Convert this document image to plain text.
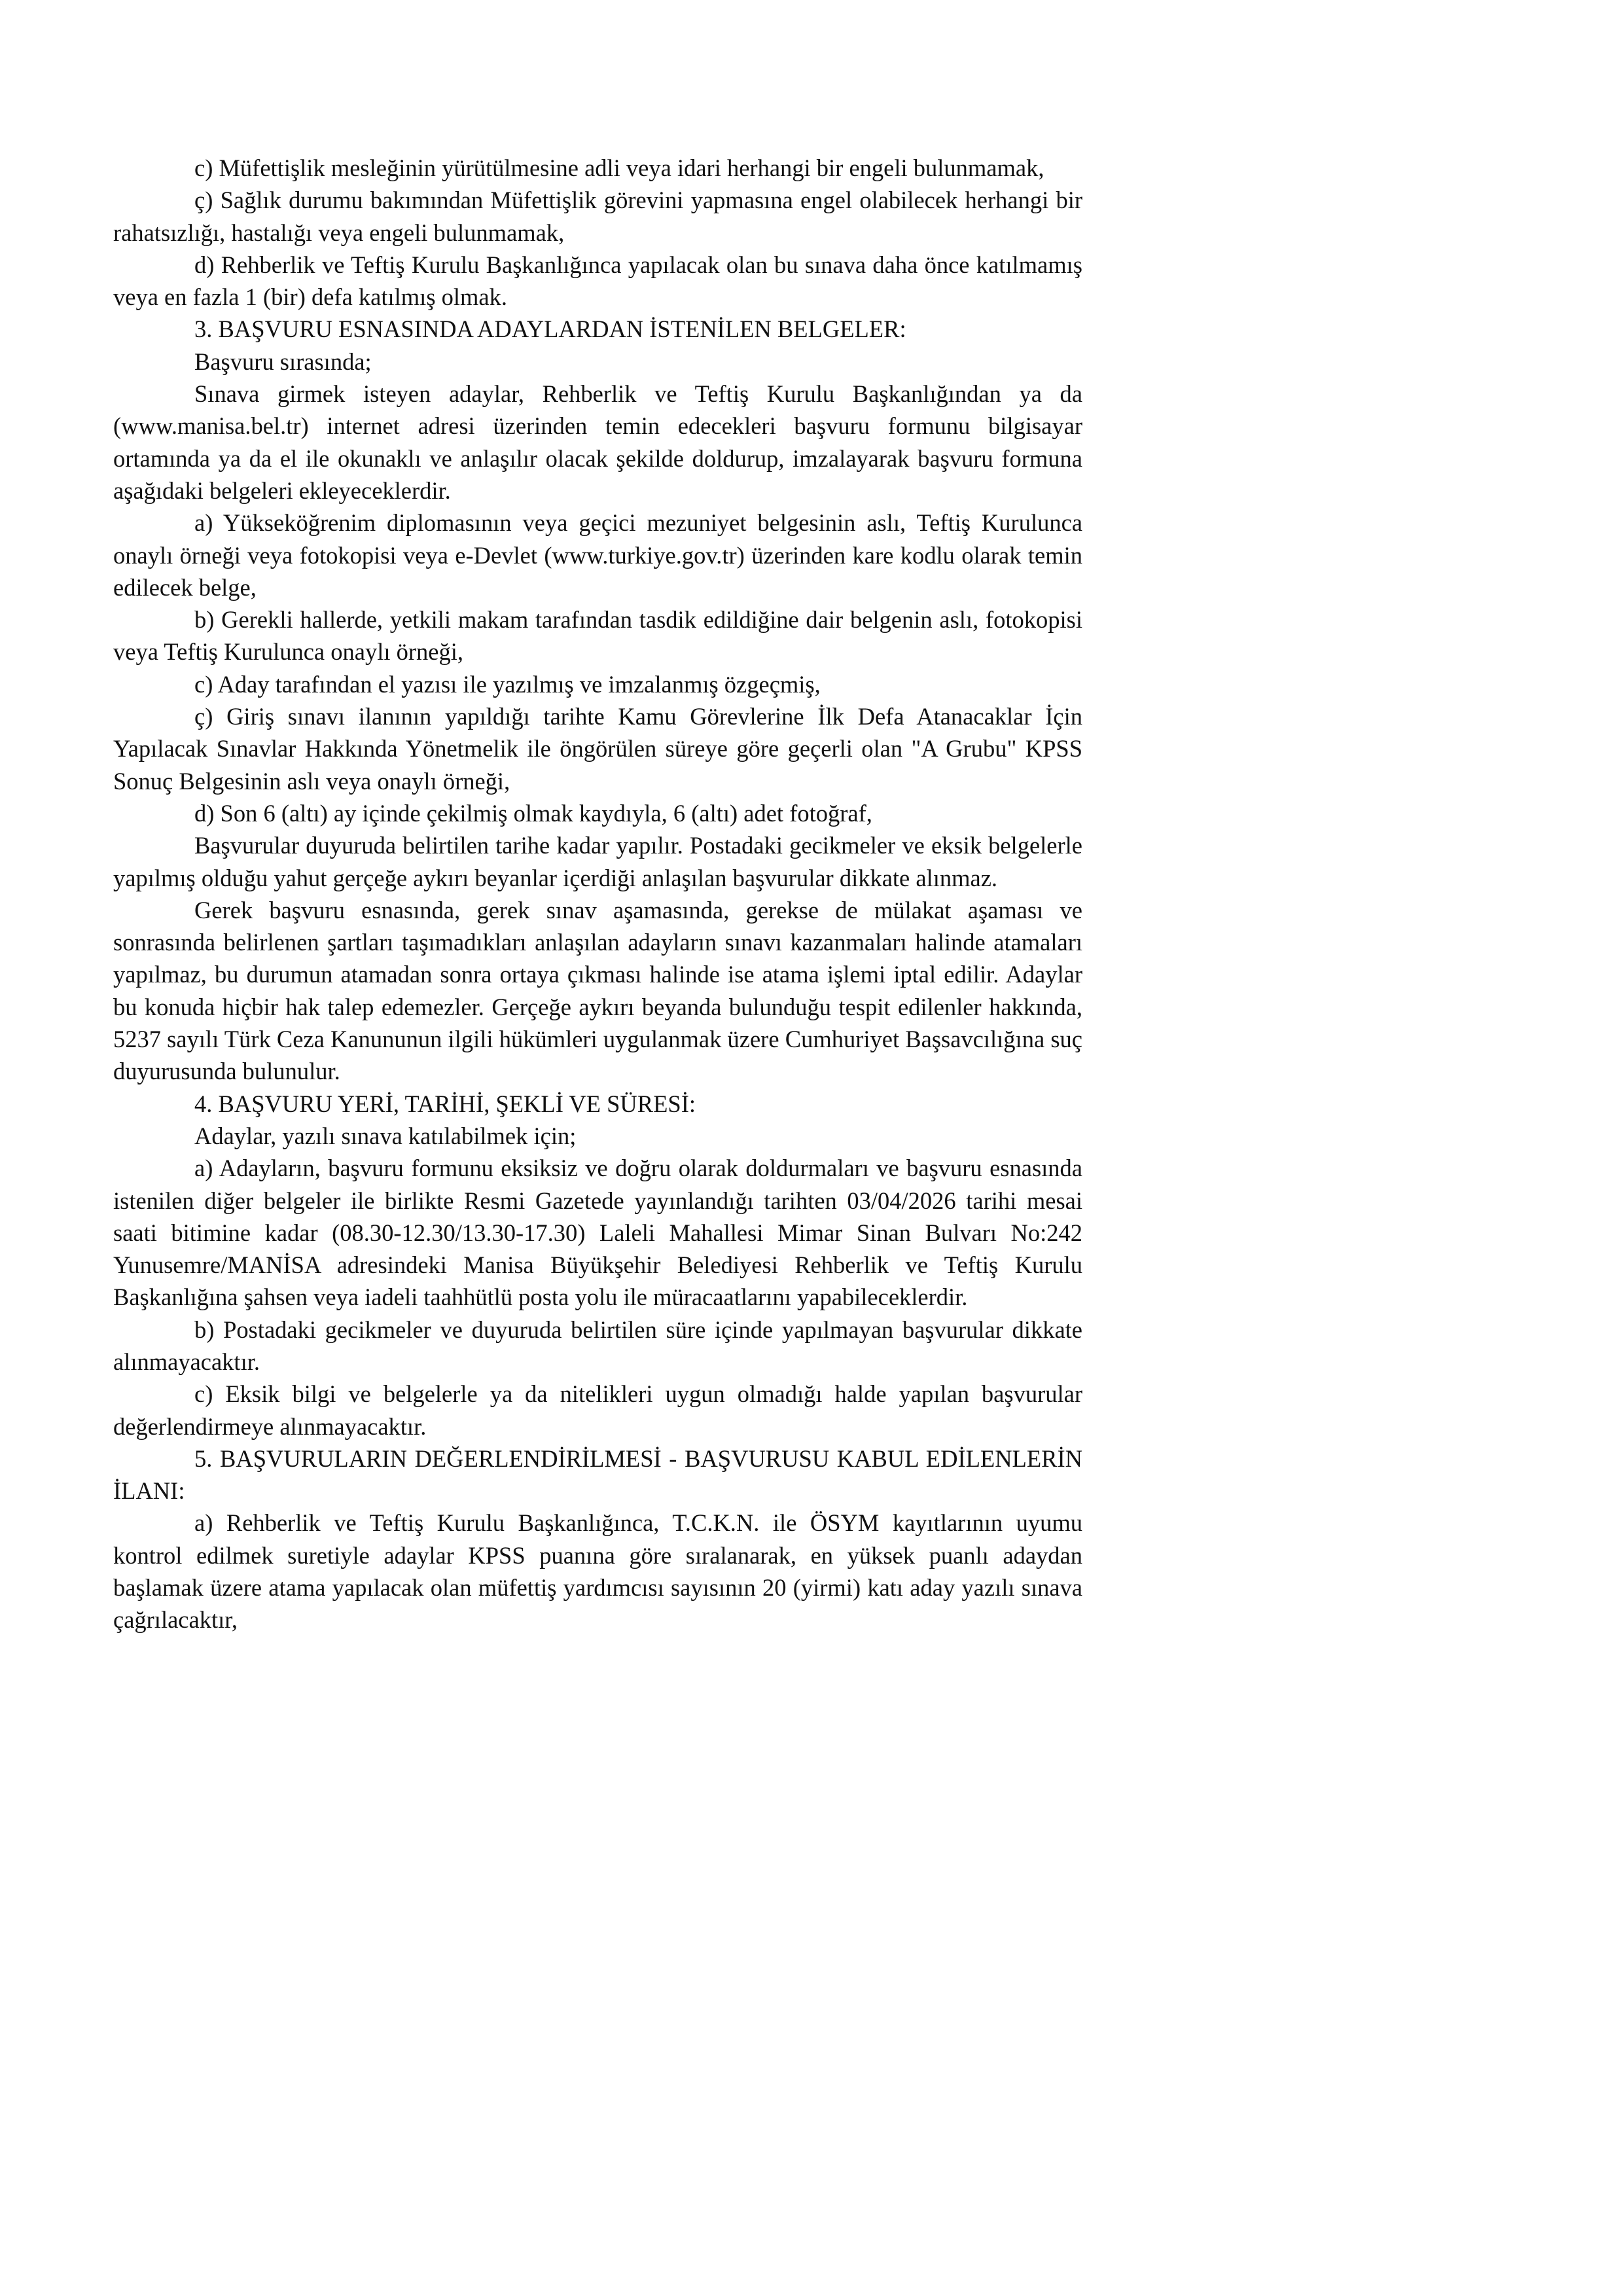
c) Müfettişlik mesleğinin yürütülmesine adli veya idari herhangi bir engeli bulunmamak,

ç) Sağlık durumu bakımından Müfettişlik görevini yapmasına engel olabilecek herhangi bir rahatsızlığı, hastalığı veya engeli bulunmamak,

d) Rehberlik ve Teftiş Kurulu Başkanlığınca yapılacak olan bu sınava daha önce katılmamış veya en fazla 1 (bir) defa katılmış olmak.

3. BAŞVURU ESNASINDA ADAYLARDAN İSTENİLEN BELGELER:

Başvuru sırasında;

Sınava girmek isteyen adaylar, Rehberlik ve Teftiş Kurulu Başkanlığından ya da (www.manisa.bel.tr) internet adresi üzerinden temin edecekleri başvuru formunu bilgisayar ortamında ya da el ile okunaklı ve anlaşılır olacak şekilde doldurup, imzalayarak başvuru formuna aşağıdaki belgeleri ekleyeceklerdir.

a) Yükseköğrenim diplomasının veya geçici mezuniyet belgesinin aslı, Teftiş Kurulunca onaylı örneği veya fotokopisi veya e-Devlet (www.turkiye.gov.tr) üzerinden kare kodlu olarak temin edilecek belge,

b) Gerekli hallerde, yetkili makam tarafından tasdik edildiğine dair belgenin aslı, fotokopisi veya Teftiş Kurulunca onaylı örneği,

c) Aday tarafından el yazısı ile yazılmış ve imzalanmış özgeçmiş,

ç) Giriş sınavı ilanının yapıldığı tarihte Kamu Görevlerine İlk Defa Atanacaklar İçin Yapılacak Sınavlar Hakkında Yönetmelik ile öngörülen süreye göre geçerli olan "A Grubu" KPSS Sonuç Belgesinin aslı veya onaylı örneği,

d) Son 6 (altı) ay içinde çekilmiş olmak kaydıyla, 6 (altı) adet fotoğraf,

Başvurular duyuruda belirtilen tarihe kadar yapılır. Postadaki gecikmeler ve eksik belgelerle yapılmış olduğu yahut gerçeğe aykırı beyanlar içerdiği anlaşılan başvurular dikkate alınmaz.

Gerek başvuru esnasında, gerek sınav aşamasında, gerekse de mülakat aşaması ve sonrasında belirlenen şartları taşımadıkları anlaşılan adayların sınavı kazanmaları halinde atamaları yapılmaz, bu durumun atamadan sonra ortaya çıkması halinde ise atama işlemi iptal edilir. Adaylar bu konuda hiçbir hak talep edemezler. Gerçeğe aykırı beyanda bulunduğu tespit edilenler hakkında, 5237 sayılı Türk Ceza Kanununun ilgili hükümleri uygulanmak üzere Cumhuriyet Başsavcılığına suç duyurusunda bulunulur.

4. BAŞVURU YERİ, TARİHİ, ŞEKLİ VE SÜRESİ:

Adaylar, yazılı sınava katılabilmek için;

a) Adayların, başvuru formunu eksiksiz ve doğru olarak doldurmaları ve başvuru esnasında istenilen diğer belgeler ile birlikte Resmi Gazetede yayınlandığı tarihten 03/04/2026 tarihi mesai saati bitimine kadar (08.30-12.30/13.30-17.30) Laleli Mahallesi Mimar Sinan Bulvarı No:242 Yunusemre/MANİSA adresindeki Manisa Büyükşehir Belediyesi Rehberlik ve Teftiş Kurulu Başkanlığına şahsen veya iadeli taahhütlü posta yolu ile müracaatlarını yapabileceklerdir.

b) Postadaki gecikmeler ve duyuruda belirtilen süre içinde yapılmayan başvurular dikkate alınmayacaktır.

c) Eksik bilgi ve belgelerle ya da nitelikleri uygun olmadığı halde yapılan başvurular değerlendirmeye alınmayacaktır.

5. BAŞVURULARIN DEĞERLENDİRİLMESİ - BAŞVURUSU KABUL EDİLENLERİN İLANI:

a) Rehberlik ve Teftiş Kurulu Başkanlığınca, T.C.K.N. ile ÖSYM kayıtlarının uyumu kontrol edilmek suretiyle adaylar KPSS puanına göre sıralanarak, en yüksek puanlı adaydan başlamak üzere atama yapılacak olan müfettiş yardımcısı sayısının 20 (yirmi) katı aday yazılı sınava çağrılacaktır,
